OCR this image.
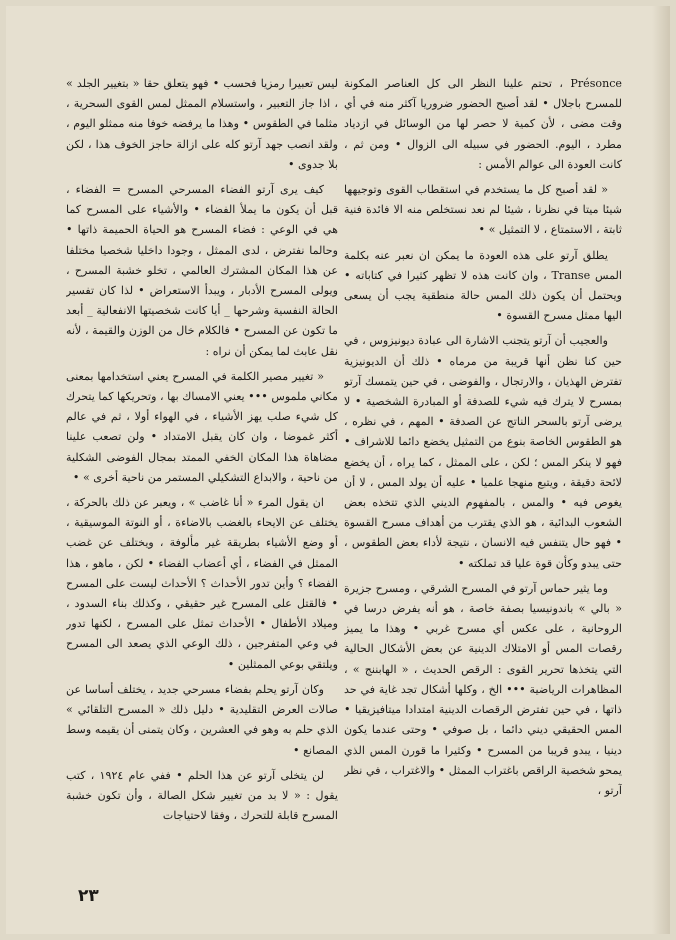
Présonce ، تحتم علينا النظر الى كل العناصر المكونة للمسرح باجلال • لقد أصبح الحضور ضروريا آكثر منه في أي وقت مضى ، لأن كمية لا حصر لها من الوسائل في ازدياد مطرد ، اليوم. الحضور في سبيله الى الزوال • ومن ثم ، كانت العودة الى عوالم الأمس :

« لقد أصبح كل ما يستخدم في استقطاب القوى وتوجيهها شيئا ميتا في نظرنا ، شيئا لم نعد نستخلص منه الا فائدة فنية ثابتة ، الاستمتاع ، لا التمثيل » •

يطلق آرتو على هذه العودة ما يمكن ان نعبر عنه بكلمة المس Transe ، وان كانت هذه لا تظهر كثيرا في كتاباته • ويحتمل أن يكون ذلك المس حالة منطقية يجب أن يسعى اليها ممثل مسرح القسوة •

والعجيب أن آرتو يتجنب الاشارة الى عبادة ديونيزوس ، في حين كنا نظن أنها قريبة من مرماه • ذلك أن الديونيزية تفترض الهذيان ، والارتجال ، والفوضى ، في حين يتمسك آرتو بمسرح لا يترك فيه شيء للصدفة أو المبادرة الشخصية • لا يرضى آرتو بالسحر الناتج عن الصدفة • المهم ، في نظره ، هو الطقوس الخاصة بنوع من التمثيل يخضع دائما للاشراف • فهو لا ينكر المس ؛ لكن ، على الممثل ، كما يراه ، أن يخضع لائحة دقيقة ، ويتبع منهجا علميا • عليه أن يولد المس ، لا أن يغوص فيه • والمس ، بالمفهوم الديني الذي تتخذه بعض الشعوب البدائية ، هو الذي يقترب من أهداف مسرح القسوة • فهو حال يتنفس فيه الانسان ، نتيجة لأداء بعض الطقوس ، حتى يبدو وكأن قوة عليا قد تملكته •

وما يثير حماس آرتو في المسرح الشرقي ، ومسرح جزيرة « بالي » باندونيسيا بصفة خاصة ، هو أنه يفرض درسا في الروحانية ، على عكس أي مسرح غربي • وهذا ما يميز رقصات المس أو الامتلاك الدينية عن بعض الأشكال الحالية التي يتخذها تحرير القوى : الرقص الحديث ، « الهابننج » ، المظاهرات الرياضية ••• الخ ، وكلها أشكال تجد غاية في حد ذاتها ، في حين تفترض الرقصات الدينية امتدادا ميتافيزيقيا • المس الحقيقي ديني دائما ، بل صوفي • وحتى عندما يكون دينيا ، يبدو قريبا من المسرح • وكثيرا ما قورن المس الذي يمحو شخصية الراقص باغتراب الممثل • والاغتراب ، في نظر آرتو ،

ليس تعبيرا رمزيا فحسب • فهو يتعلق حقا « بتغيير الجلد » ، اذا جاز التعبير ، واستسلام الممثل لمس القوى السحرية ، مثلما في الطقوس • وهذا ما يرفضه خوفا منه ممثلو اليوم ، ولقد انصب جهد آرتو كله على ازالة حاجز الخوف هذا ، لكن بلا جدوى •

كيف يرى آرتو الفضاء المسرحي المسرح = الفضاء ، قبل أن يكون ما يملأ الفضاء • والأشياء على المسرح كما هي في الوعي : فضاء المسرح هو الحياة الحميمة ذاتها • وحالما نفترض ، لدى الممثل ، وجودا داخليا شخصيا مختلفا عن هذا المكان المشترك العالمي ، تخلو خشبة المسرح ، ويولى المسرح الأدبار ، ويبدأ الاستعراض • لذا كان تفسير الحالة النفسية وشرحها _ أيا كانت شخصيتها الانفعالية _ أبعد ما تكون عن المسرح • فالكلام خال من الوزن والقيمة ، لأنه نقل عابث لما يمكن أن نراه :

« تغيير مصير الكلمة في المسرح يعني استخدامها بمعنى مكاني ملموس ••• يعني الامساك بها ، وتحريكها كما يتحرك كل شيء صلب يهز الأشياء ، في الهواء أولا ، ثم في عالم أكثر غموضا ، وان كان يقبل الامتداد • ولن تصعب علينا مضاهاة هذا المكان الخفي الممتد بمجال الفوضى الشكلية من ناحية ، والابداع التشكيلي المستمر من ناحية أخرى » •

ان يقول المرء « أنا غاضب » ، ويعبر عن ذلك بالحركة ، يختلف عن الايحاء بالغضب بالاضاءة ، أو النوتة الموسيقية ، أو وضع الأشياء بطريقة غير مألوفة ، ويختلف عن غضب الممثل في الفضاء ، أي أعضاب الفضاء • لكن ، ماهو ، هذا الفضاء ؟ وأين تدور الأحداث ؟ الأحداث ليست على المسرح • فالقتل على المسرح غير حقيقي ، وكذلك بناء السدود ، وميلاد الأطفال • الأحداث تمثل على المسرح ، لكنها تدور في وعي المتفرجين ، ذلك الوعي الذي يصعد الى المسرح ويلتقي بوعي الممثلين •

وكان آرتو يحلم بفضاء مسرحي جديد ، يختلف أساسا عن صالات العرض التقليدية • دليل ذلك « المسرح التلقائي » الذي حلم به وهو في العشرين ، وكان يتمنى أن يقيمه وسط المصانع •

لن يتخلى آرتو عن هذا الحلم • ففي عام ١٩٢٤ ، كتب يقول : « لا بد من تغيير شكل الصالة ، وأن تكون خشبة المسرح قابلة للتحرك ، وفقا لاحتياجات

٢٣
